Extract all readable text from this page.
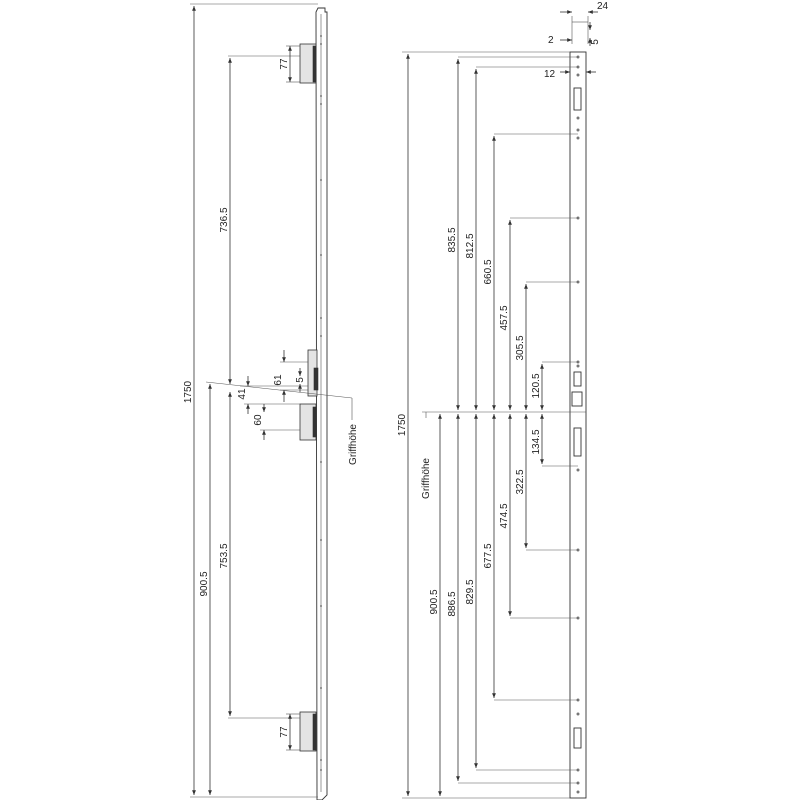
1750
900.5
736.5
753.5
77
77
61 5
41
60
Griffhöhe
24
2	5
12
1750
900.5
Griffhöhe
835.5 812.5
660.5
457.5
305.5
120.5
134.5
322.5
474.5
677.5
829.5
886.5
